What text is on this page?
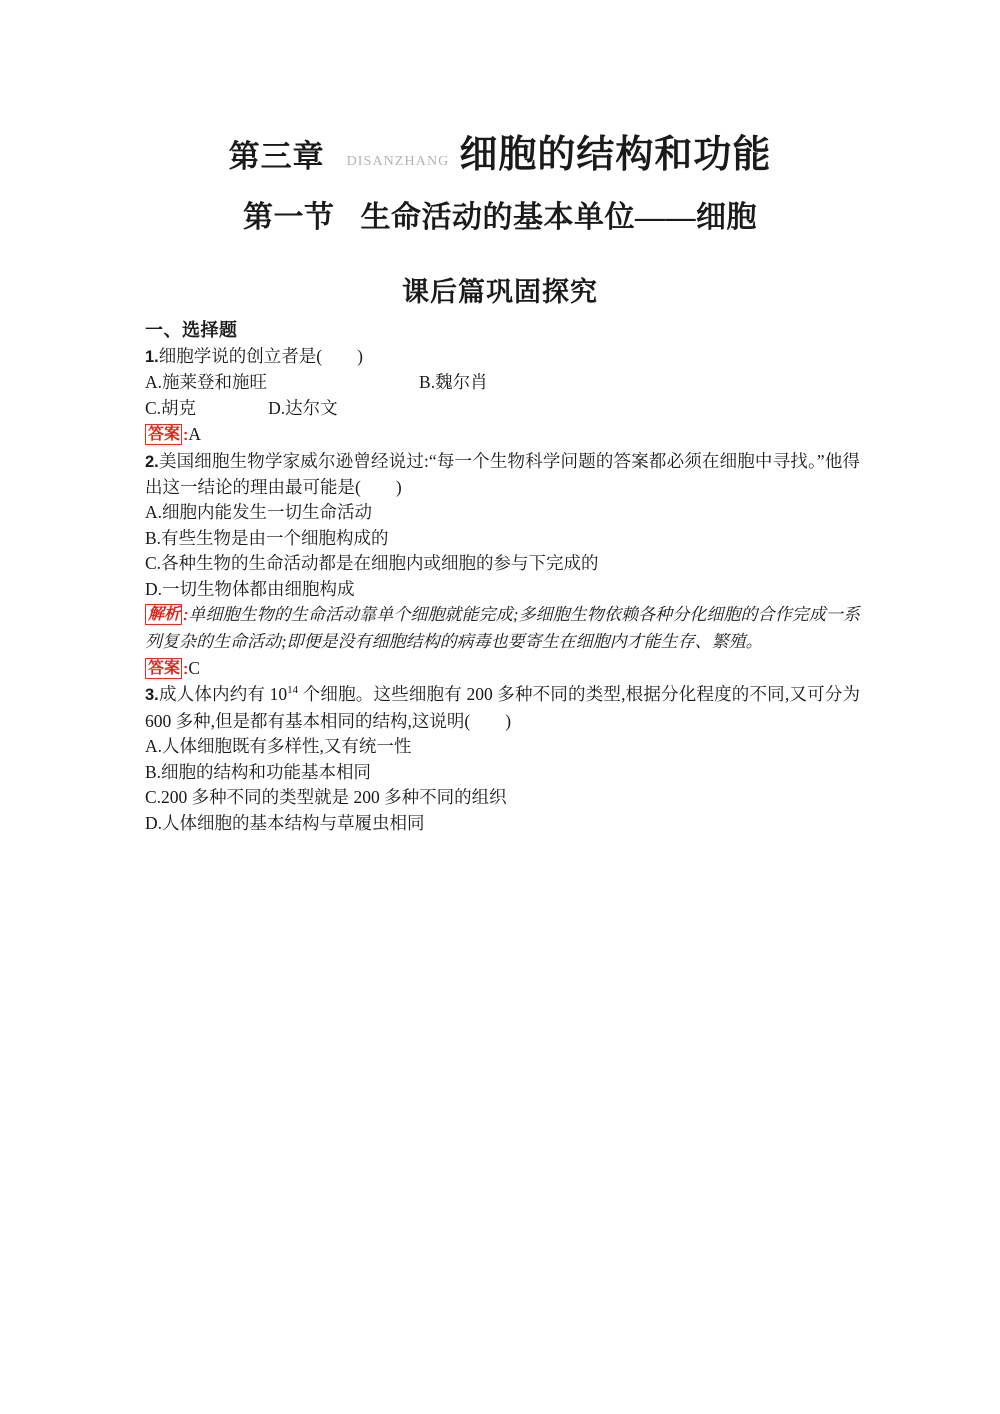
第三章 DISANZHANG 细胞的结构和功能
第一节 生命活动的基本单位——细胞
课后篇巩固探究
一、选择题
1.细胞学说的创立者是(　　)
A.施莱登和施旺	B.魏尔肖
C.胡克	D.达尔文
答案 :A
2.美国细胞生物学家威尔逊曾经说过:“每一个生物科学问题的答案都必须在细胞中寻找。”他得出这一结论的理由最可能是(　　)
A.细胞内能发生一切生命活动
B.有些生物是由一个细胞构成的
C.各种生物的生命活动都是在细胞内或细胞的参与下完成的
D.一切生物体都由细胞构成
解析 :单细胞生物的生命活动靠单个细胞就能完成;多细胞生物依赖各种分化细胞的合作完成一系列复杂的生命活动;即便是没有细胞结构的病毒也要寄生在细胞内才能生存、繁殖。
答案 :C
3.成人体内约有 $10^{14}$ 个细胞。这些细胞有 200 多种不同的类型,根据分化程度的不同,又可分为 600 多种,但是都有基本相同的结构,这说明(　　)
A.人体细胞既有多样性,又有统一性
B.细胞的结构和功能基本相同
C.200 多种不同的类型就是 200 多种不同的组织
D.人体细胞的基本结构与草履虫相同
